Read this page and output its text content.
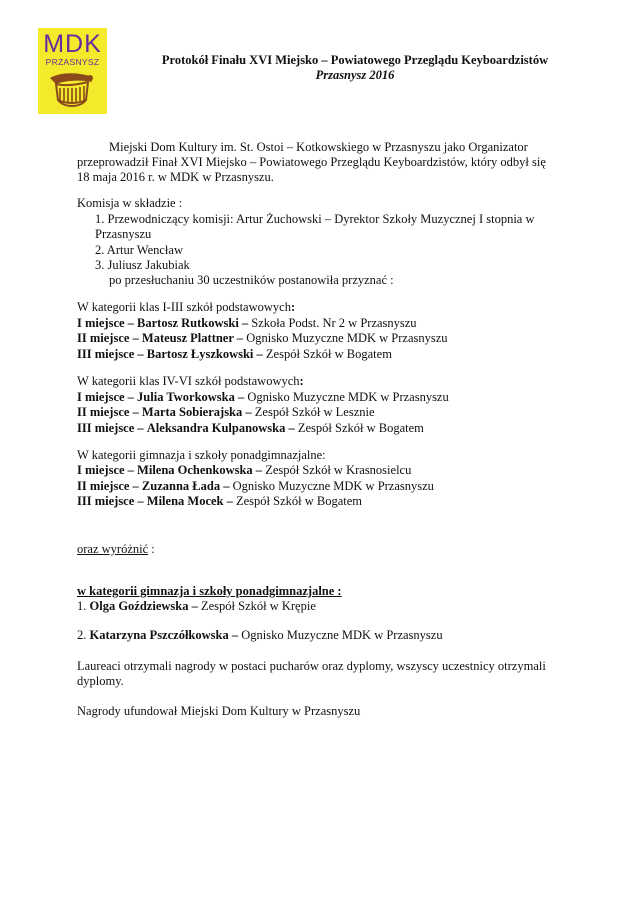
MDK
PRZASNYSZ	Protokół Finału XVI Miejsko – Powiatowego Przeglądu Keyboardzistów
Przasnysz 2016
Miejski Dom Kultury im. St. Ostoi – Kotkowskiego w Przasnyszu jako Organizator
przeprowadził Finał XVI Miejsko – Powiatowego Przeglądu Keyboardzistów, który odbył się
18 maja 2016 r. w MDK w Przasnyszu.
Komisja w składzie :
1. Przewodniczący komisji: Artur Żuchowski – Dyrektor Szkoły Muzycznej I stopnia w
Przasnyszu
2. Artur Wencław
3. Juliusz Jakubiak
po przesłuchaniu 30 uczestników postanowiła przyznać :
W kategorii klas I-III szkół podstawowych:
I miejsce – Bartosz Rutkowski – Szkoła Podst. Nr 2 w Przasnyszu
II miejsce – Mateusz Plattner – Ognisko Muzyczne MDK w Przasnyszu
III miejsce – Bartosz Łyszkowski – Zespół Szkół w Bogatem
W kategorii klas IV-VI szkół podstawowych:
I miejsce – Julia Tworkowska – Ognisko Muzyczne MDK w Przasnyszu
II miejsce – Marta Sobierajska – Zespół Szkół w Lesznie
III miejsce – Aleksandra Kulpanowska – Zespół Szkół w Bogatem
W kategorii gimnazja i szkoły ponadgimnazjalne:
I miejsce – Milena Ochenkowska – Zespół Szkół w Krasnosielcu
II miejsce – Zuzanna Łada – Ognisko Muzyczne MDK w Przasnyszu
III miejsce – Milena Mocek – Zespół Szkół w Bogatem
oraz wyróżnić :
w kategorii gimnazja i szkoły ponadgimnazjalne :
1. Olga Goździewska – Zespół Szkół w Krępie
2. Katarzyna Pszczółkowska – Ognisko Muzyczne MDK w Przasnyszu
Laureaci otrzymali nagrody w postaci pucharów oraz dyplomy, wszyscy uczestnicy otrzymali
dyplomy.
Nagrody ufundował Miejski Dom Kultury w Przasnyszu
